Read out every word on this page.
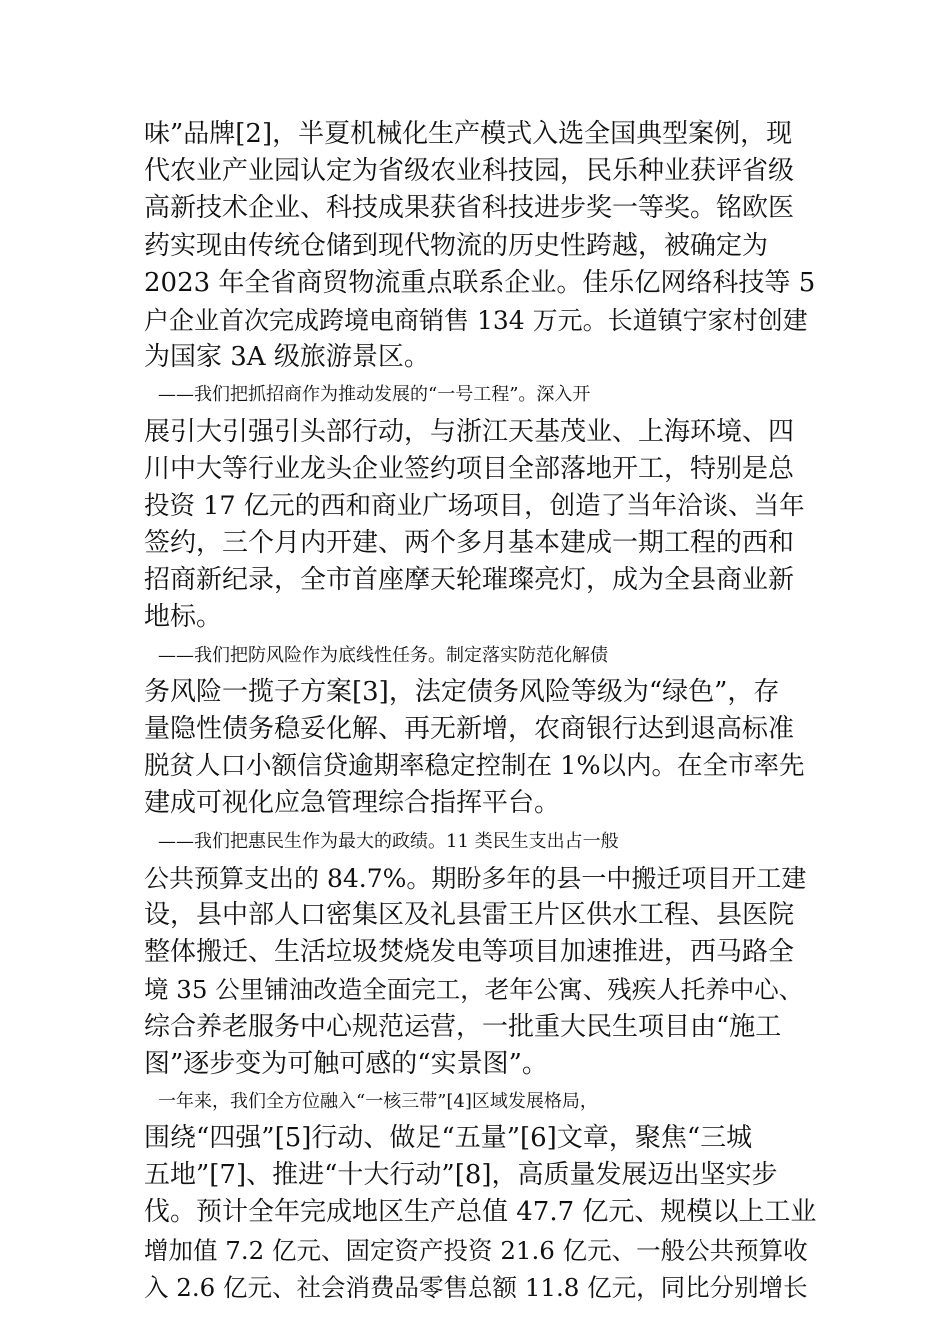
味”品牌[2]，半夏机械化生产模式入选全国典型案例，现
代农业产业园认定为省级农业科技园，民乐种业获评省级
高新技术企业、科技成果获省科技进步奖一等奖。铭欧医
药实现由传统仓储到现代物流的历史性跨越，被确定为
2023 年全省商贸物流重点联系企业。佳乐亿网络科技等 5
户企业首次完成跨境电商销售 134 万元。长道镇宁家村创建
为国家 3A 级旅游景区。
——我们把抓招商作为推动发展的“一号工程”。深入开
展引大引强引头部行动，与浙江天基茂业、上海环境、四
川中大等行业龙头企业签约项目全部落地开工，特别是总
投资 17 亿元的西和商业广场项目，创造了当年洽谈、当年
签约，三个月内开建、两个多月基本建成一期工程的西和
招商新纪录，全市首座摩天轮璀璨亮灯，成为全县商业新
地标。
——我们把防风险作为底线性任务。制定落实防范化解债
务风险一揽子方案[3]，法定债务风险等级为“绿色”，存
量隐性债务稳妥化解、再无新增，农商银行达到退高标准
脱贫人口小额信贷逾期率稳定控制在 1%以内。在全市率先
建成可视化应急管理综合指挥平台。
——我们把惠民生作为最大的政绩。11 类民生支出占一般
公共预算支出的 84.7%。期盼多年的县一中搬迁项目开工建
设，县中部人口密集区及礼县雷王片区供水工程、县医院
整体搬迁、生活垃圾焚烧发电等项目加速推进，西马路全
境 35 公里铺油改造全面完工，老年公寓、残疾人托养中心、
综合养老服务中心规范运营，一批重大民生项目由“施工
图”逐步变为可触可感的“实景图”。
一年来，我们全方位融入“一核三带”[4]区域发展格局，
围绕“四强”[5]行动、做足“五量”[6]文章，聚焦“三城
五地”[7]、推进“十大行动”[8]，高质量发展迈出坚实步
伐。预计全年完成地区生产总值 47.7 亿元、规模以上工业
增加值 7.2 亿元、固定资产投资 21.6 亿元、一般公共预算收
入 2.6 亿元、社会消费品零售总额 11.8 亿元，同比分别增长
